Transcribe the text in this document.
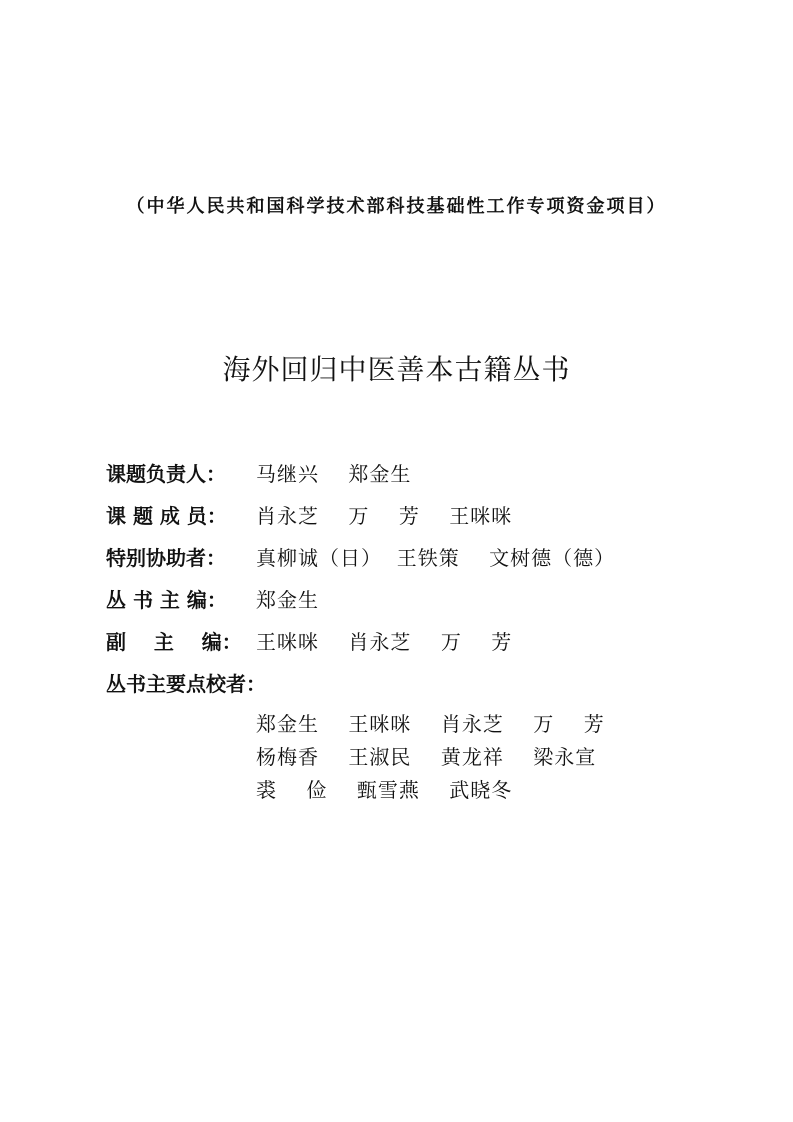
（中华人民共和国科学技术部科技基础性工作专项资金项目）
海外回归中医善本古籍丛书
课题负责人：	马继兴    郑金生
课 题 成 员：	肖永芝    万    芳    王咪咪
特别协助者：	真柳诚（日）  王铁策    文树德（德）
丛 书 主 编：	郑金生
副    主    编： 王咪咪    肖永芝    万    芳
丛书主要点校者：
郑金生    王咪咪    肖永芝    万    芳
杨梅香    王淑民    黄龙祥    梁永宣
裘    俭    甄雪燕    武晓冬
